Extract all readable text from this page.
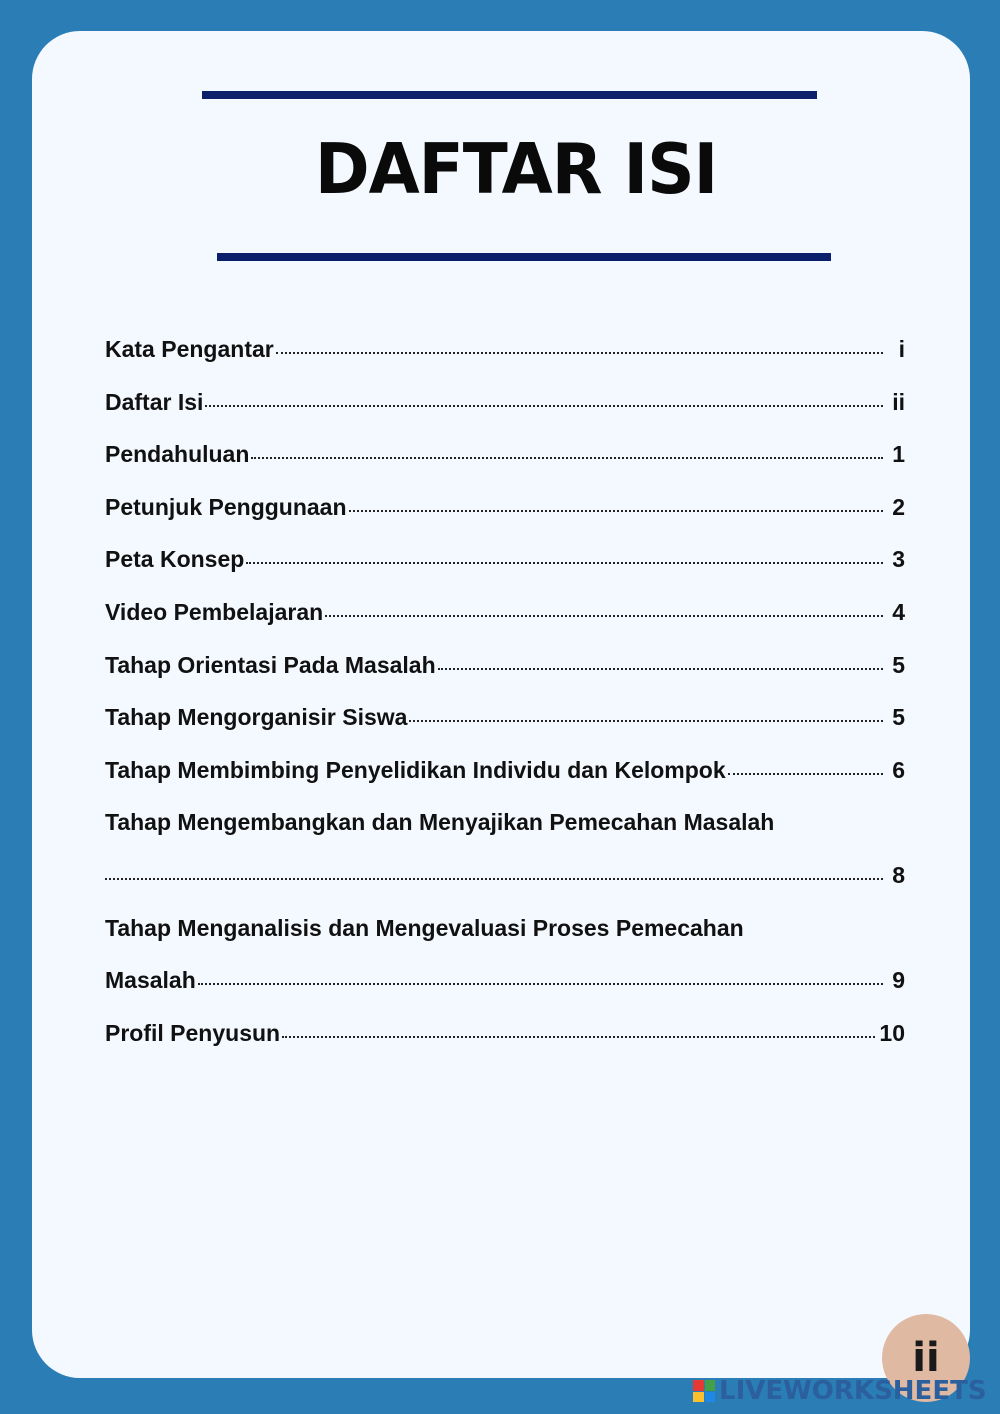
DAFTAR ISI
Kata Pengantar	i
Daftar Isi	ii
Pendahuluan	1
Petunjuk Penggunaan	2
Peta Konsep	3
Video Pembelajaran	4
Tahap Orientasi Pada Masalah	5
Tahap Mengorganisir Siswa	5
Tahap Membimbing Penyelidikan Individu dan Kelompok	6
Tahap Mengembangkan dan Menyajikan Pemecahan Masalah
8
Tahap Menganalisis dan Mengevaluasi Proses Pemecahan
Masalah	9
Profil Penyusun	10
ii
LIVEWORKSHEETS
